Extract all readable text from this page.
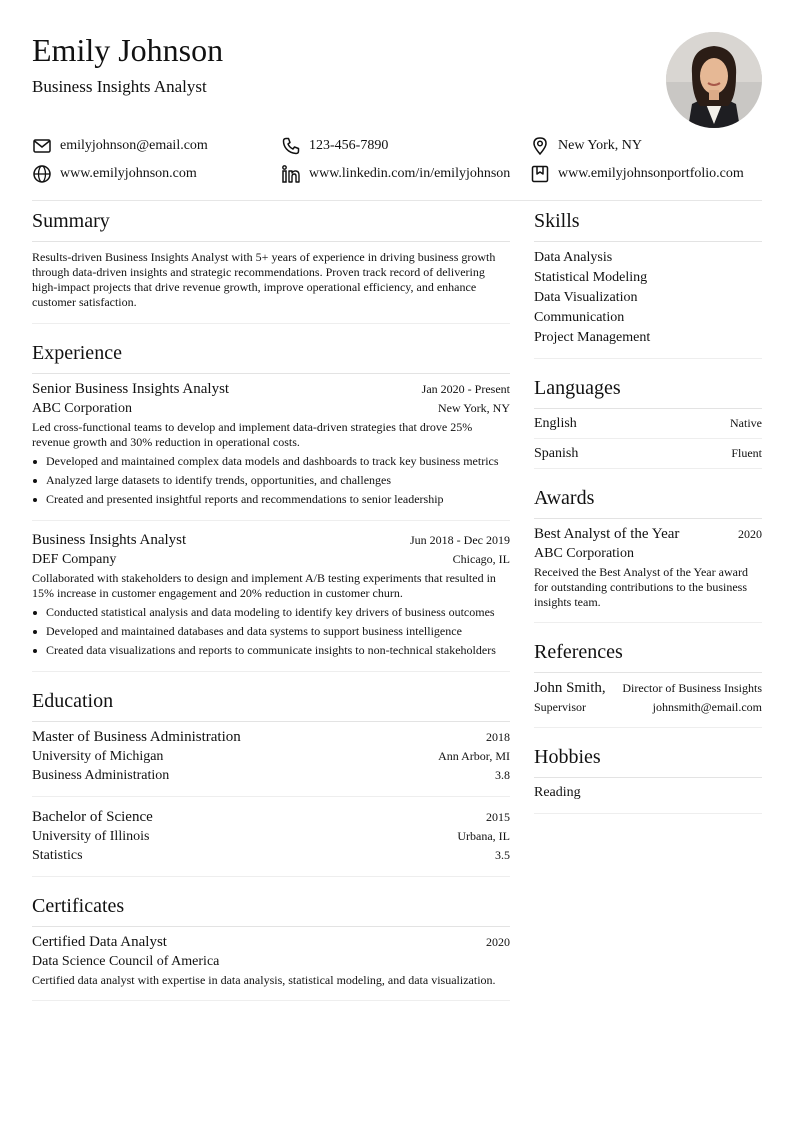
Emily Johnson
Business Insights Analyst
emilyjohnson@email.com	123-456-7890	New York, NY
www.emilyjohnson.com	www.linkedin.com/in/emilyjohnson	www.emilyjohnsonportfolio.com
Summary
Results-driven Business Insights Analyst with 5+ years of experience in driving business growth through data-driven insights and strategic recommendations. Proven track record of delivering high-impact projects that drive revenue growth, improve operational efficiency, and enhance customer satisfaction.
Experience
Senior Business Insights Analyst	Jan 2020 - Present
ABC Corporation	New York, NY
Led cross-functional teams to develop and implement data-driven strategies that drove 25% revenue growth and 30% reduction in operational costs.
Developed and maintained complex data models and dashboards to track key business metrics
Analyzed large datasets to identify trends, opportunities, and challenges
Created and presented insightful reports and recommendations to senior leadership
Business Insights Analyst	Jun 2018 - Dec 2019
DEF Company	Chicago, IL
Collaborated with stakeholders to design and implement A/B testing experiments that resulted in 15% increase in customer engagement and 20% reduction in customer churn.
Conducted statistical analysis and data modeling to identify key drivers of business outcomes
Developed and maintained databases and data systems to support business intelligence
Created data visualizations and reports to communicate insights to non-technical stakeholders
Education
Master of Business Administration	2018
University of Michigan	Ann Arbor, MI
Business Administration	3.8
Bachelor of Science	2015
University of Illinois	Urbana, IL
Statistics	3.5
Certificates
Certified Data Analyst	2020
Data Science Council of America
Certified data analyst with expertise in data analysis, statistical modeling, and data visualization.
Skills
Data Analysis
Statistical Modeling
Data Visualization
Communication
Project Management
Languages
English	Native
Spanish	Fluent
Awards
Best Analyst of the Year	2020
ABC Corporation
Received the Best Analyst of the Year award for outstanding contributions to the business insights team.
References
John Smith, Director of Business Insights
Supervisor	johnsmith@email.com
Hobbies
Reading
